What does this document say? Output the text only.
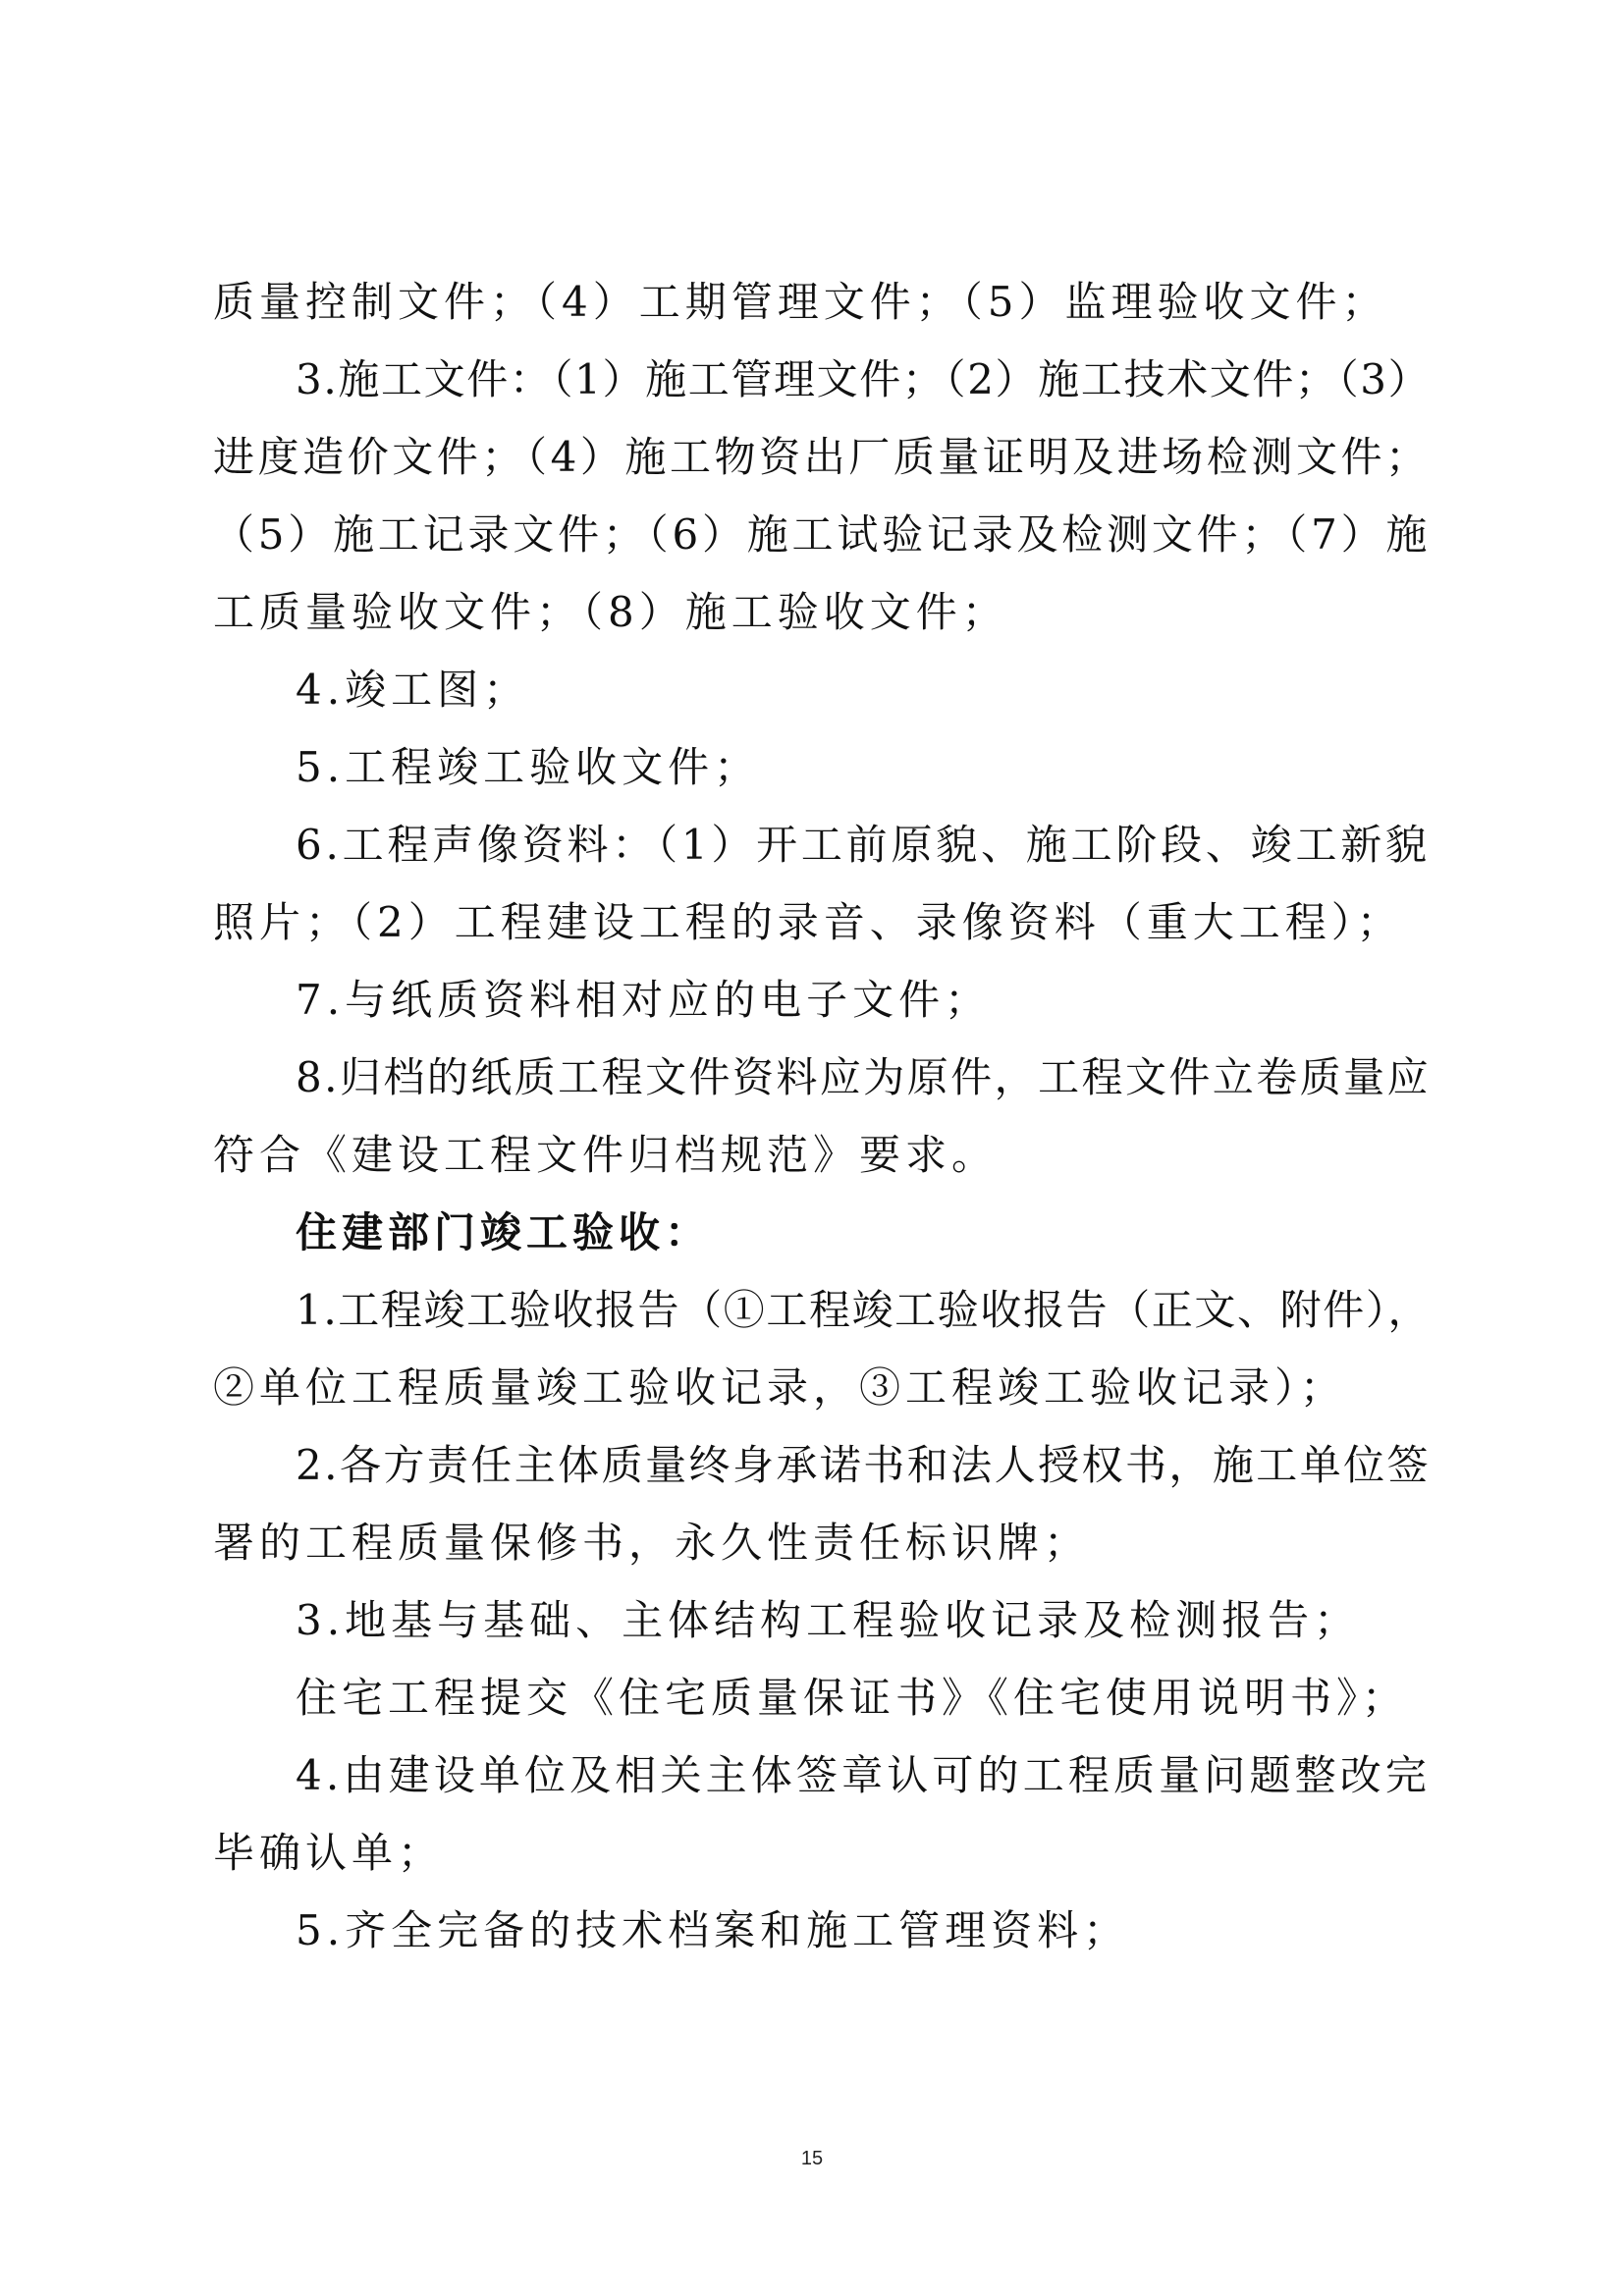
质量控制文件；（4）工期管理文件；（5）监理验收文件；

3.施工文件：（1）施工管理文件；（2）施工技术文件；（3）

进度造价文件；（4）施工物资出厂质量证明及进场检测文件；

（5）施工记录文件；（6）施工试验记录及检测文件；（7）施

工质量验收文件；（8）施工验收文件；

4.竣工图；

5.工程竣工验收文件；

6.工程声像资料：（1）开工前原貌、施工阶段、竣工新貌

照片；（2）工程建设工程的录音、录像资料（重大工程）；

7.与纸质资料相对应的电子文件；

8.归档的纸质工程文件资料应为原件，工程文件立卷质量应

符合《建设工程文件归档规范》要求。

住建部门竣工验收：

1.工程竣工验收报告（①工程竣工验收报告（正文、附件），

②单位工程质量竣工验收记录，③工程竣工验收记录）；

2.各方责任主体质量终身承诺书和法人授权书，施工单位签

署的工程质量保修书，永久性责任标识牌；

3.地基与基础、主体结构工程验收记录及检测报告；

住宅工程提交《住宅质量保证书》《住宅使用说明书》；

4.由建设单位及相关主体签章认可的工程质量问题整改完

毕确认单；

5.齐全完备的技术档案和施工管理资料；

15
